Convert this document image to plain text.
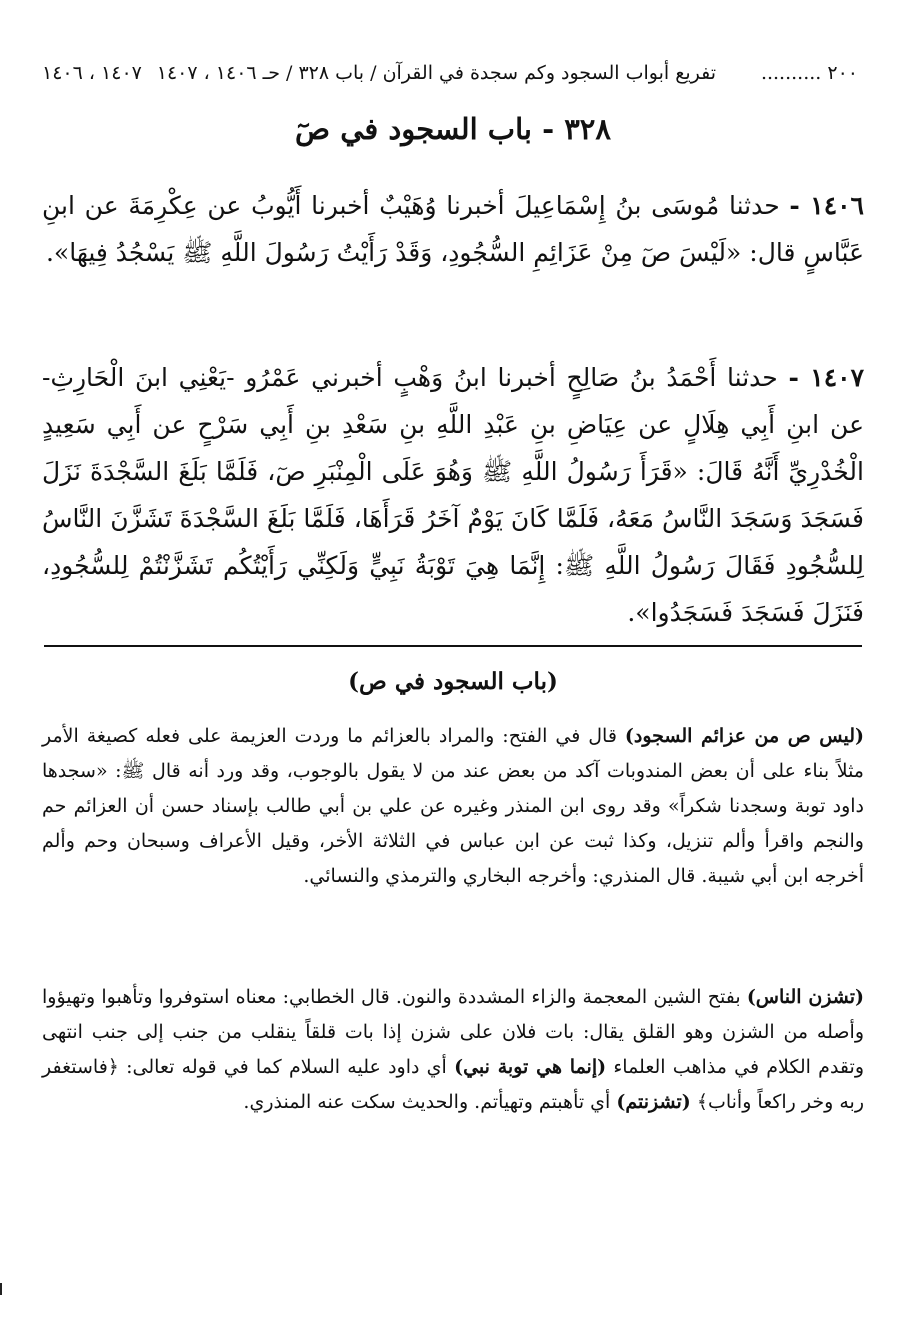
٢٠٠ ..........
تفريع أبواب السجود وكم سجدة في القرآن / باب ٣٢٨ / حـ ١٤٠٦ ، ١٤٠٧
١٤٠٧ ، ١٤٠٦
٣٢٨ - باب السجود في صٓ
١٤٠٦ - حدثنا مُوسَى بنُ إِسْمَاعِيلَ أخبرنا وُهَيْبٌ أخبرنا أَيُّوبُ عن عِكْرِمَةَ عن ابنِ عَبَّاسٍ قال: «لَيْسَ صٓ مِنْ عَزَائِمِ السُّجُودِ، وَقَدْ رَأَيْتُ رَسُولَ اللَّهِ ﷺ يَسْجُدُ فِيهَا».
١٤٠٧ - حدثنا أَحْمَدُ بنُ صَالِحٍ أخبرنا ابنُ وَهْبٍ أخبرني عَمْرُو -يَعْنِي ابنَ الْحَارِثِ- عن ابنِ أَبِي هِلَالٍ عن عِيَاضِ بنِ عَبْدِ اللَّهِ بنِ سَعْدِ بنِ أَبِي سَرْحٍ عن أَبِي سَعِيدٍ الْخُدْرِيِّ أَنَّهُ قَالَ: «قَرَأَ رَسُولُ اللَّهِ ﷺ وَهُوَ عَلَى الْمِنْبَرِ صٓ، فَلَمَّا بَلَغَ السَّجْدَةَ نَزَلَ فَسَجَدَ وَسَجَدَ النَّاسُ مَعَهُ، فَلَمَّا كَانَ يَوْمٌ آخَرُ قَرَأَهَا، فَلَمَّا بَلَغَ السَّجْدَةَ تَشَزَّنَ النَّاسُ لِلسُّجُودِ فَقَالَ رَسُولُ اللَّهِ ﷺ: إِنَّمَا هِيَ تَوْبَةُ نَبِيٍّ وَلَكِنِّي رَأَيْتُكُم تَشَزَّنْتُمْ لِلسُّجُودِ، فَنَزَلَ فَسَجَدَ فَسَجَدُوا».
(باب السجود في ص)
(ليس ص من عزائم السجود) قال في الفتح: والمراد بالعزائم ما وردت العزيمة على فعله كصيغة الأمر مثلاً بناء على أن بعض المندوبات آكد من بعض عند من لا يقول بالوجوب، وقد ورد أنه قال ﷺ: «سجدها داود توبة وسجدنا شكراً» وقد روى ابن المنذر وغيره عن علي بن أبي طالب بإسناد حسن أن العزائم حم والنجم واقرأ وألم تنزيل، وكذا ثبت عن ابن عباس في الثلاثة الأخر، وقيل الأعراف وسبحان وحم وألم أخرجه ابن أبي شيبة. قال المنذري: وأخرجه البخاري والترمذي والنسائي.
(تشزن الناس) بفتح الشين المعجمة والزاء المشددة والنون. قال الخطابي: معناه استوفروا وتأهبوا وتهيؤوا وأصله من الشزن وهو القلق يقال: بات فلان على شزن إذا بات قلقاً ينقلب من جنب إلى جنب انتهى وتقدم الكلام في مذاهب العلماء (إنما هي توبة نبي) أي داود عليه السلام كما في قوله تعالى: ﴿فاستغفر ربه وخر راكعاً وأناب﴾ (تشزنتم) أي تأهبتم وتهيأتم. والحديث سكت عنه المنذري.
